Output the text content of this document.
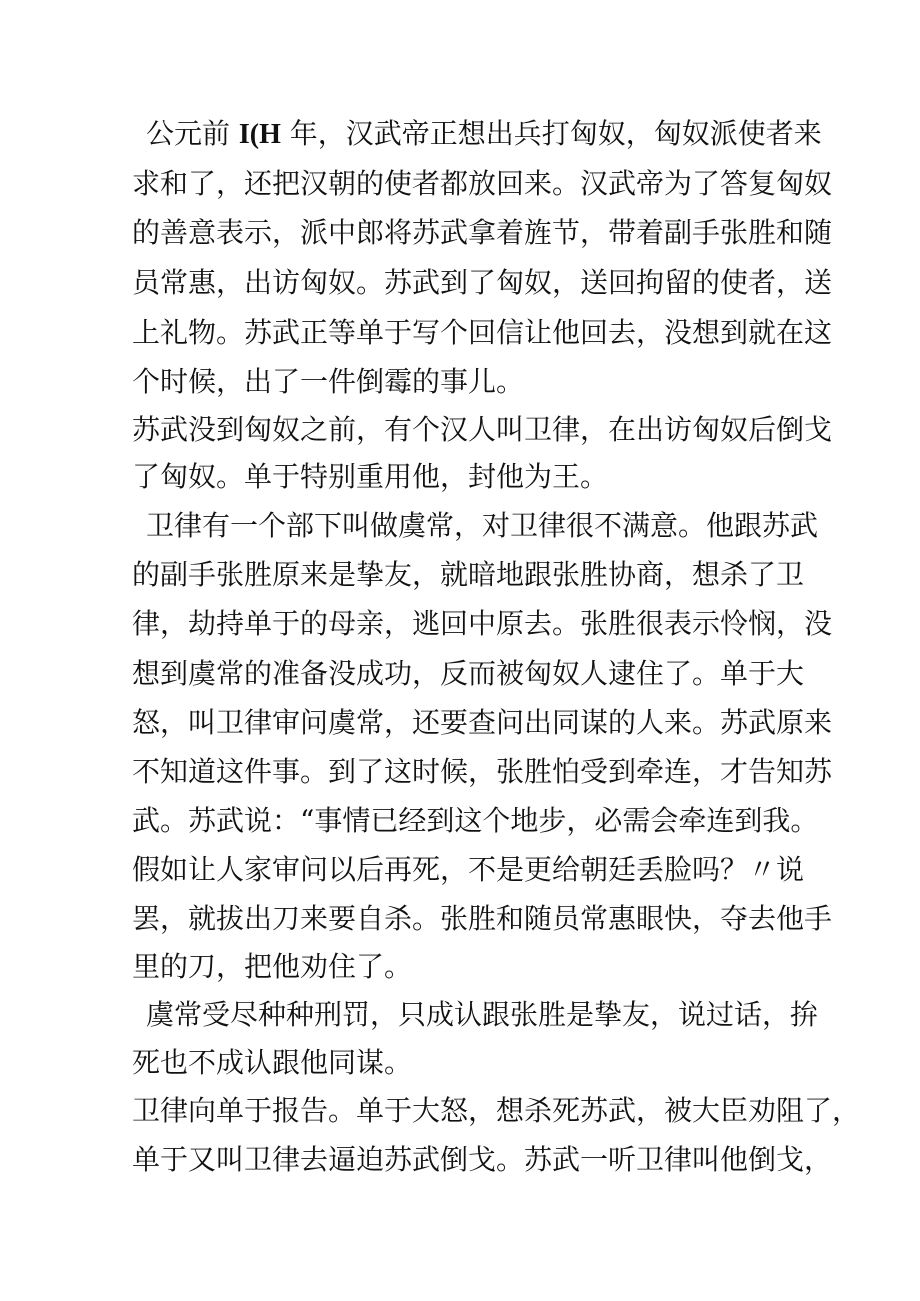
公元前 I(H 年，汉武帝正想出兵打匈奴，匈奴派使者来

求和了，还把汉朝的使者都放回来。汉武帝为了答复匈奴

的善意表示，派中郎将苏武拿着旌节，带着副手张胜和随

员常惠，出访匈奴。苏武到了匈奴，送回拘留的使者，送

上礼物。苏武正等单于写个回信让他回去，没想到就在这

个时候，出了一件倒霉的事儿。

苏武没到匈奴之前，有个汉人叫卫律，在出访匈奴后倒戈

了匈奴。单于特别重用他，封他为王。

卫律有一个部下叫做虞常，对卫律很不满意。他跟苏武

的副手张胜原来是挚友，就暗地跟张胜协商，想杀了卫

律，劫持单于的母亲，逃回中原去。张胜很表示怜悯，没

想到虞常的准备没成功，反而被匈奴人逮住了。单于大

怒，叫卫律审问虞常，还要查问出同谋的人来。苏武原来

不知道这件事。到了这时候，张胜怕受到牵连，才告知苏

武。苏武说：“事情已经到这个地步，必需会牵连到我。

假如让人家审问以后再死，不是更给朝廷丢脸吗？〃说

罢，就拔出刀来要自杀。张胜和随员常惠眼快，夺去他手

里的刀，把他劝住了。

虞常受尽种种刑罚，只成认跟张胜是挚友，说过话，拚

死也不成认跟他同谋。

卫律向单于报告。单于大怒，想杀死苏武，被大臣劝阻了，

单于又叫卫律去逼迫苏武倒戈。苏武一听卫律叫他倒戈，
